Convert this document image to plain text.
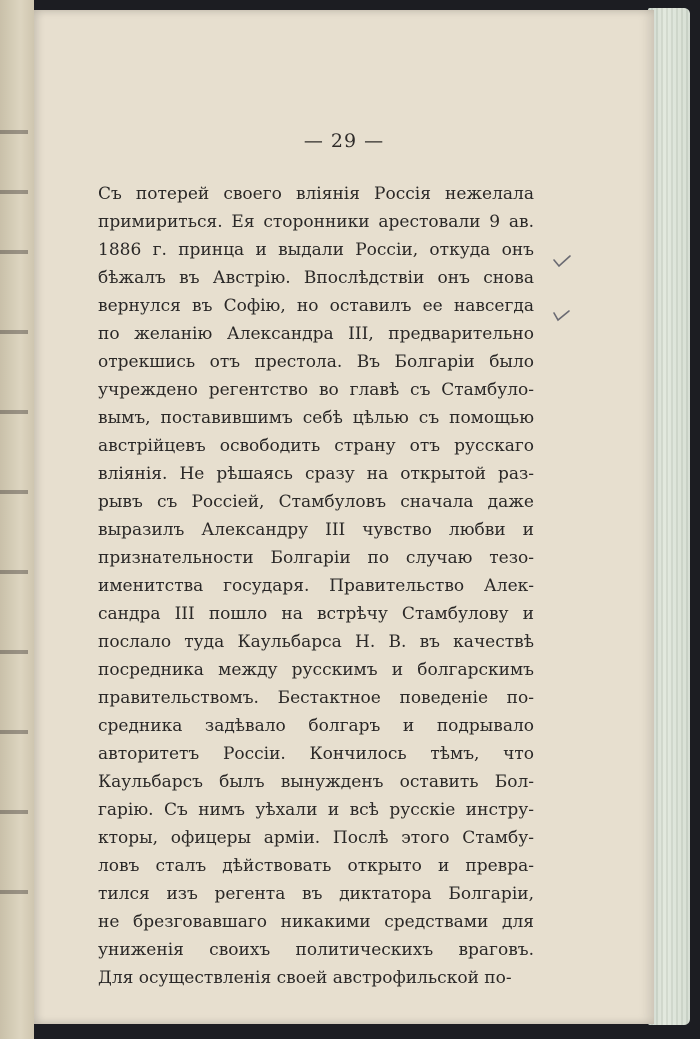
— 29 —
Съ потерей своего влiянiя Россiя нежелала
примириться. Ея сторонники арестовали 9 ав.
1886 г. принца и выдали Россiи, откуда онъ
бѣжалъ въ Австрiю. Впослѣдствiи онъ снова
вернулся въ Софiю, но оставилъ ее навсегда
по желанiю Александра III, предварительно
отрекшись отъ престола. Въ Болгарiи было
учреждено регентство во главѣ съ Стамбуло-
вымъ, поставившимъ себѣ цѣлью съ помощью
австрiйцевъ освободить страну отъ русскаго
влiянiя. Не рѣшаясь сразу на открытой раз-
рывъ съ Россiей, Стамбуловъ сначала даже
выразилъ Александру III чувство любви и
признательности Болгарiи по случаю тезо-
именитства государя. Правительство Алек-
сандра III пошло на встрѣчу Стамбулову и
послало туда Каульбарса Н. В. въ качествѣ
посредника между русскимъ и болгарскимъ
правительствомъ. Бестактное поведенiе по-
средника задѣвало болгаръ и подрывало
авторитетъ Россiи. Кончилось тѣмъ, что
Каульбарсъ былъ вынужденъ оставить Бол-
гарiю. Съ нимъ уѣхали и всѣ русскiе инстру-
кторы, офицеры армiи. Послѣ этого Стамбу-
ловъ сталъ дѣйствовать открыто и превра-
тился изъ регента въ диктатора Болгарiи,
не брезговавшаго никакими средствами для
униженiя своихъ политическихъ враговъ.
Для осуществленiя своей австрофильской по-
